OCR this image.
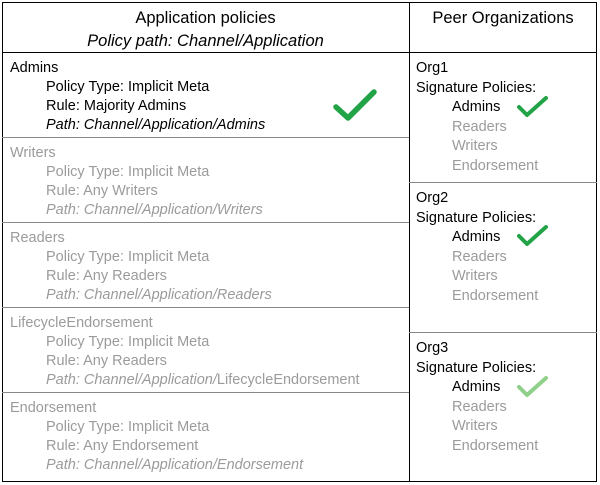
Application policies
Policy path: Channel/Application
Peer Organizations
Admins
Policy Type: Implicit Meta
Rule: Majority Admins
Path: Channel/Application/Admins
Writers
Policy Type: Implicit Meta
Rule: Any Writers
Path: Channel/Application/Writers
Readers
Policy Type: Implicit Meta
Rule: Any Readers
Path: Channel/Application/Readers
LifecycleEndorsement
Policy Type: Implicit Meta
Rule: Any Readers
Path: Channel/Application/LifecycleEndorsement
Endorsement
Policy Type: Implicit Meta
Rule: Any Endorsement
Path: Channel/Application/Endorsement
Org1
Signature Policies:
Admins
Readers
Writers
Endorsement
Org2
Signature Policies:
Admins
Readers
Writers
Endorsement
Org3
Signature Policies:
Admins
Readers
Writers
Endorsement
